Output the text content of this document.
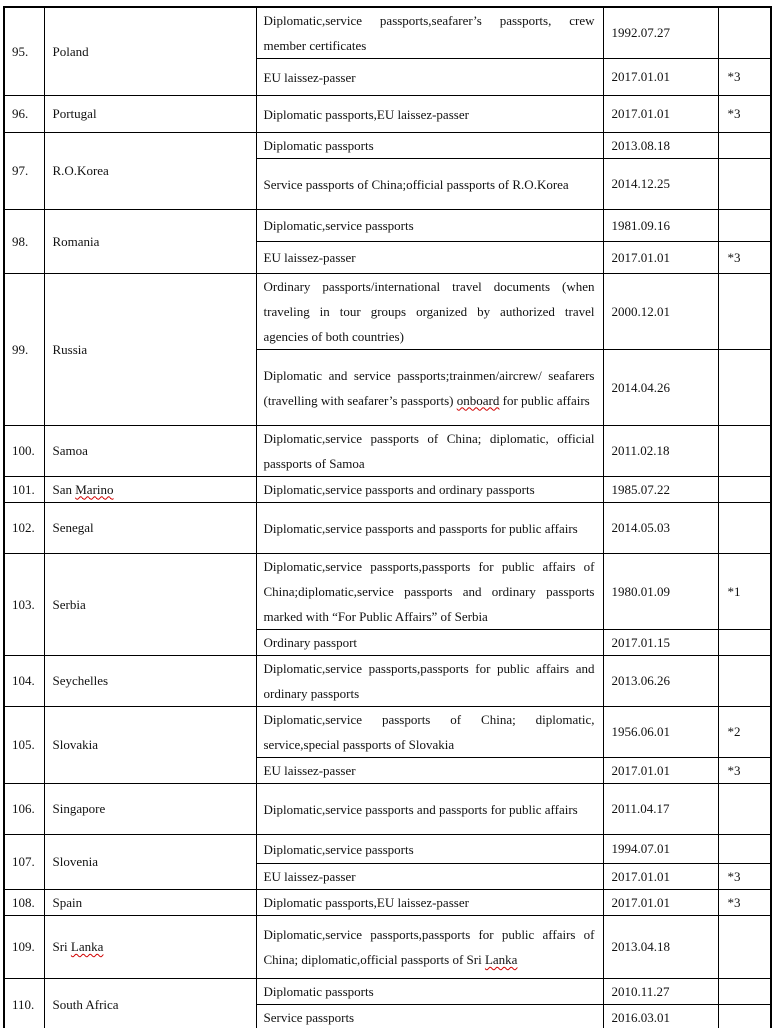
95.	Poland	Diplomatic,service passports,seafarer’s passports, crew member certificates	1992.07.27	
		EU laissez-passer	2017.01.01	*3
96.	Portugal	Diplomatic passports,EU laissez-passer	2017.01.01	*3
97.	R.O.Korea	Diplomatic passports	2013.08.18	
		Service passports of China;official passports of R.O.Korea	2014.12.25	
98.	Romania	Diplomatic,service passports	1981.09.16	
		EU laissez-passer	2017.01.01	*3
99.	Russia	Ordinary passports/international travel documents (when traveling in tour groups organized by authorized travel agencies of both countries)	2000.12.01	
		Diplomatic and service passports;trainmen/aircrew/ seafarers (travelling with seafarer’s passports) onboard for public affairs	2014.04.26	
100.	Samoa	Diplomatic,service passports of China; diplomatic, official passports of Samoa	2011.02.18	
101.	San Marino	Diplomatic,service passports and ordinary passports	1985.07.22	
102.	Senegal	Diplomatic,service passports and passports for public affairs	2014.05.03	
103.	Serbia	Diplomatic,service passports,passports for public affairs of China;diplomatic,service passports and ordinary passports marked with “For Public Affairs” of Serbia	1980.01.09	*1
		Ordinary passport	2017.01.15	
104.	Seychelles	Diplomatic,service passports,passports for public affairs and ordinary passports	2013.06.26	
105.	Slovakia	Diplomatic,service passports of China; diplomatic, service,special passports of Slovakia	1956.06.01	*2
		EU laissez-passer	2017.01.01	*3
106.	Singapore	Diplomatic,service passports and passports for public affairs	2011.04.17	
107.	Slovenia	Diplomatic,service passports	1994.07.01	
		EU laissez-passer	2017.01.01	*3
108.	Spain	Diplomatic passports,EU laissez-passer	2017.01.01	*3
109.	Sri Lanka	Diplomatic,service passports,passports for public affairs of China; diplomatic,official passports of Sri Lanka	2013.04.18	
110.	South Africa	Diplomatic passports	2010.11.27	
		Service passports	2016.03.01	
